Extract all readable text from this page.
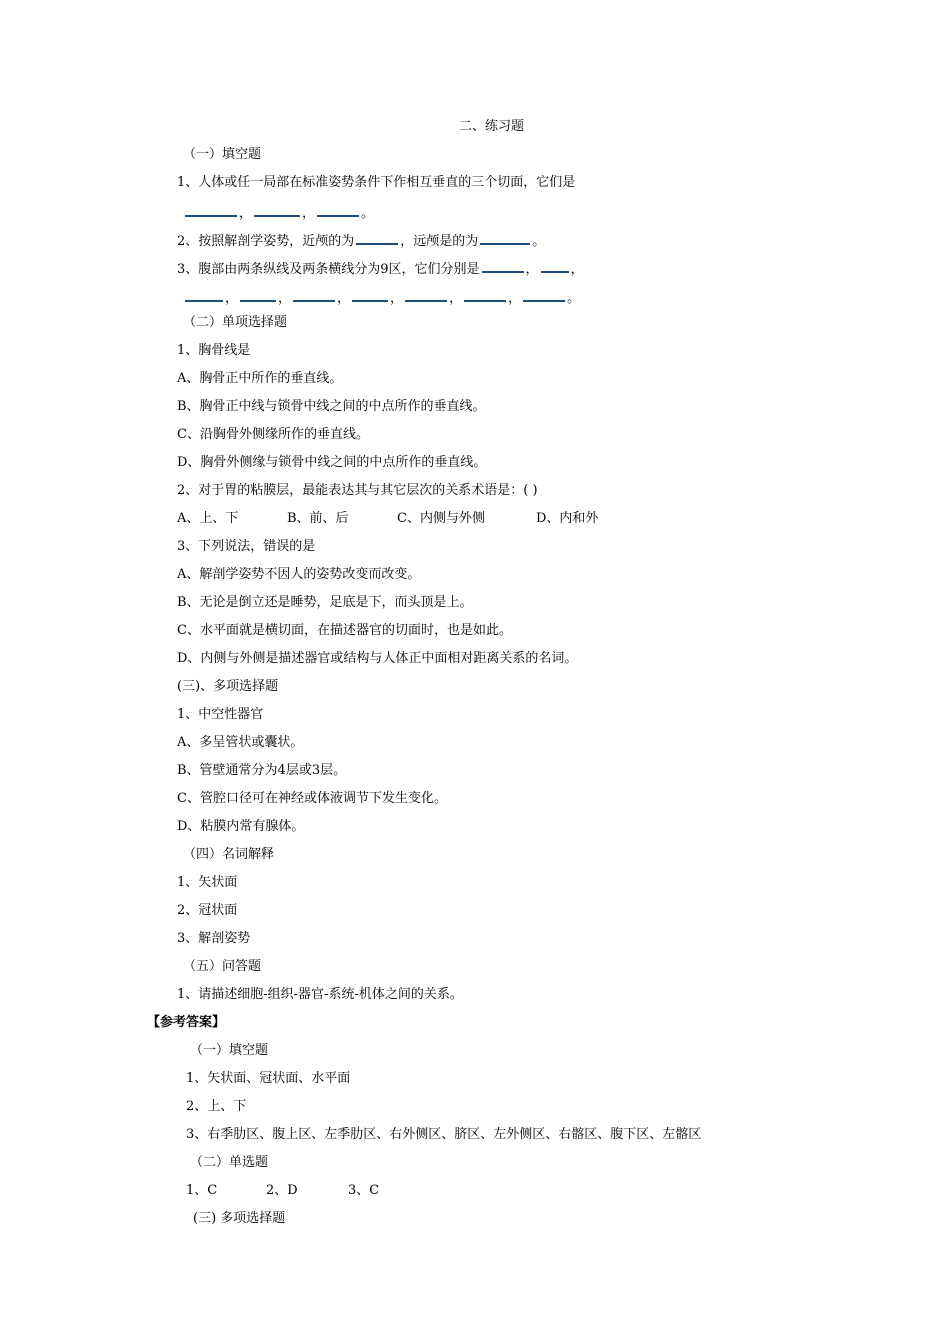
二、练习题
（一）填空题
1、人体或任一局部在标准姿势条件下作相互垂直的三个切面，它们是
，	，	。
2、按照解剖学姿势，近颅的为	，远颅是的为	。
3、腹部由两条纵线及两条横线分为9区，它们分别是	， ，
，	，	，	，	，	，	。
（二）单项选择题
1、胸骨线是
A、胸骨正中所作的垂直线。
B、胸骨正中线与锁骨中线之间的中点所作的垂直线。
C、沿胸骨外侧缘所作的垂直线。
D、胸骨外侧缘与锁骨中线之间的中点所作的垂直线。
2、对于胃的粘膜层，最能表达其与其它层次的关系术语是：( )
A、上、下	B、前、后	C、内侧与外侧	D、内和外
3、下列说法，错误的是
A、解剖学姿势不因人的姿势改变而改变。
B、无论是倒立还是睡势，足底是下，而头顶是上。
C、水平面就是横切面，在描述器官的切面时，也是如此。
D、内侧与外侧是描述器官或结构与人体正中面相对距离关系的名词。
(三)、多项选择题
1、中空性器官
A、多呈管状或囊状。
B、管壁通常分为4层或3层。
C、管腔口径可在神经或体液调节下发生变化。
D、粘膜内常有腺体。
（四）名词解释
1、矢状面
2、冠状面
3、解剖姿势
（五）问答题
1、请描述细胞-组织-器官-系统-机体之间的关系。
【参考答案】
（一）填空题
1、矢状面、冠状面、水平面
2、上、下
3、右季肋区、腹上区、左季肋区、右外侧区、脐区、左外侧区、右髂区、腹下区、左髂区
（二）单选题
1、C	2、D	3、C
(三) 多项选择题
